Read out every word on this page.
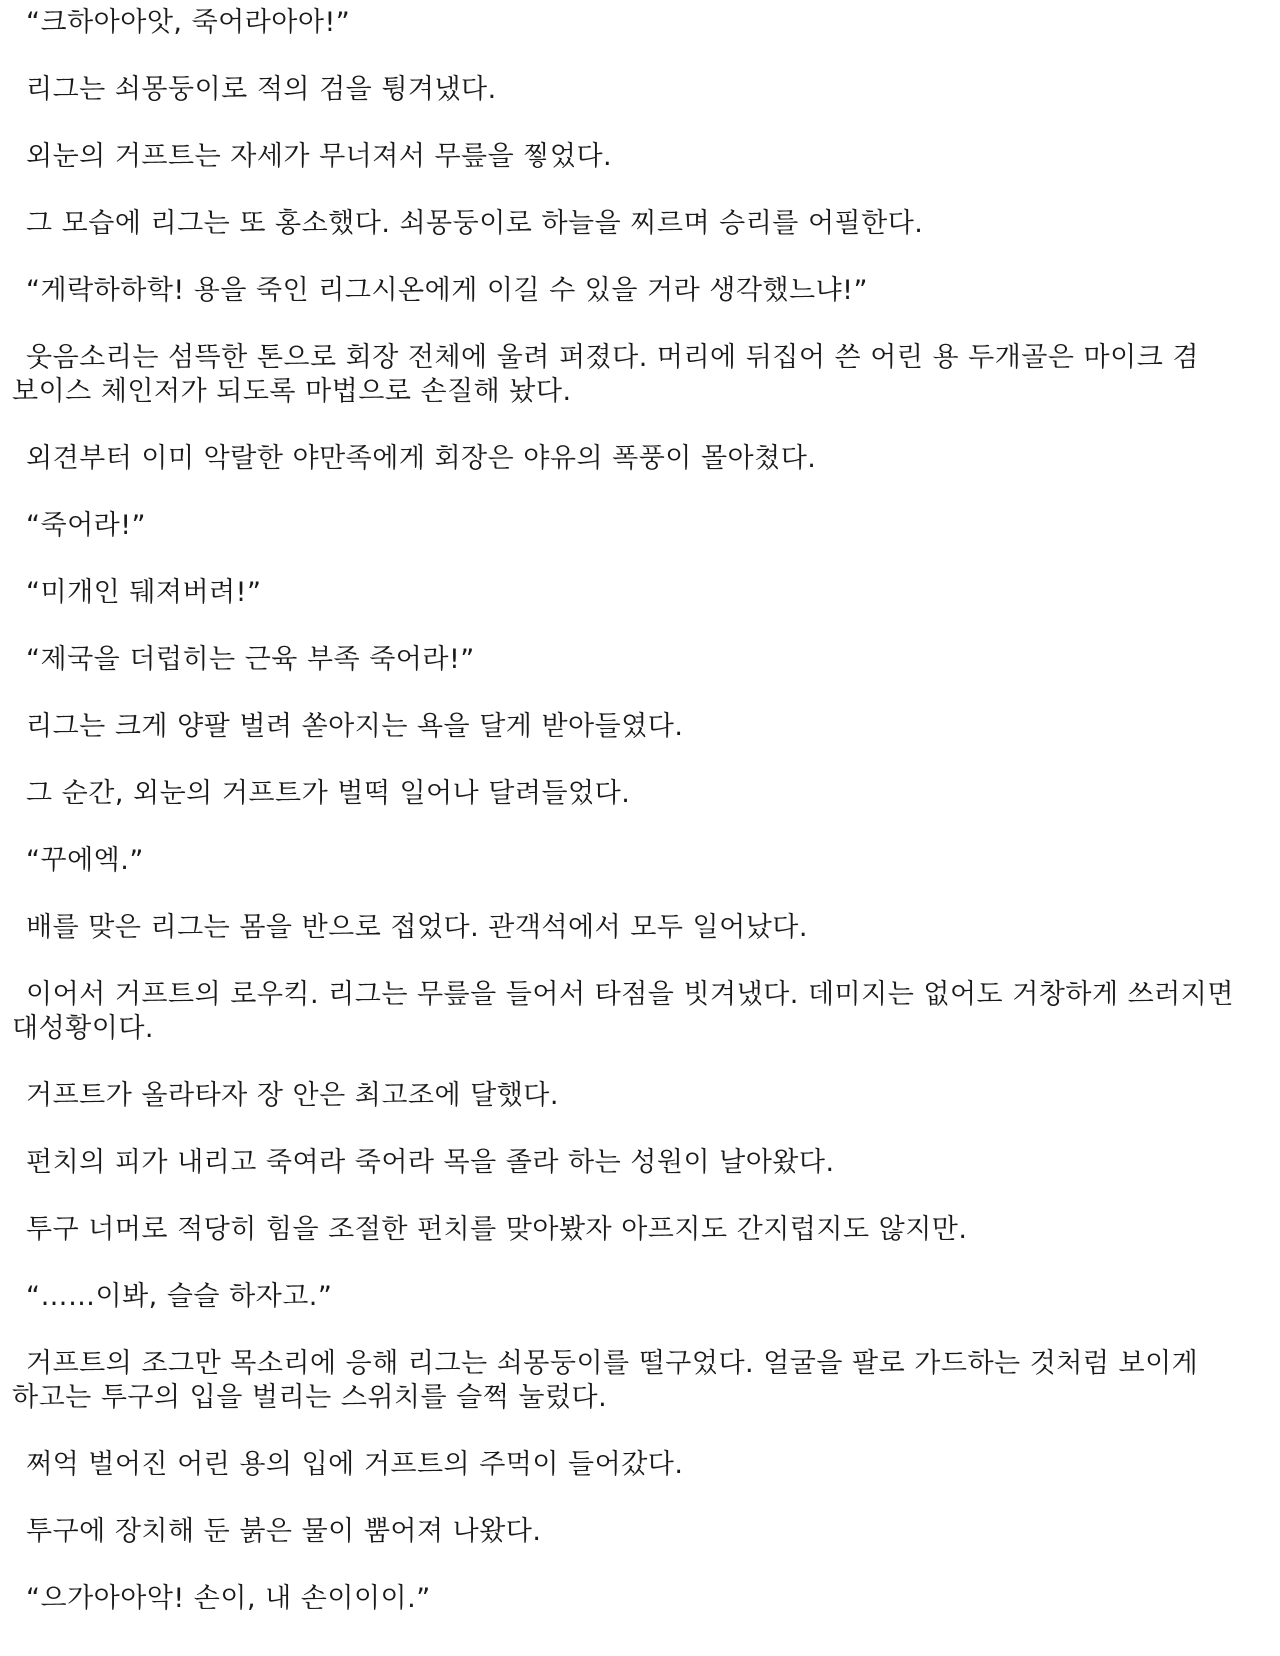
“크하아아앗, 죽어라아아!”

리그는 쇠몽둥이로 적의 검을 튕겨냈다.

외눈의 거프트는 자세가 무너져서 무릎을 찧었다.

그 모습에 리그는 또 홍소했다. 쇠몽둥이로 하늘을 찌르며 승리를 어필한다.

“게락하하학! 용을 죽인 리그시온에게 이길 수 있을 거라 생각했느냐!”

웃음소리는 섬뜩한 톤으로 회장 전체에 울려 퍼졌다. 머리에 뒤집어 쓴 어린 용 두개골은 마이크 겸 보이스 체인저가 되도록 마법으로 손질해 놨다.

외견부터 이미 악랄한 야만족에게 회장은 야유의 폭풍이 몰아쳤다.

“죽어라!”

“미개인 뒈져버려!”

“제국을 더럽히는 근육 부족 죽어라!”

리그는 크게 양팔 벌려 쏟아지는 욕을 달게 받아들였다.

그 순간, 외눈의 거프트가 벌떡 일어나 달려들었다.

“꾸에엑.”

배를 맞은 리그는 몸을 반으로 접었다. 관객석에서 모두 일어났다.

이어서 거프트의 로우킥. 리그는 무릎을 들어서 타점을 빗겨냈다. 데미지는 없어도 거창하게 쓰러지면 대성황이다.

거프트가 올라타자 장 안은 최고조에 달했다.

펀치의 피가 내리고 죽여라 죽어라 목을 졸라 하는 성원이 날아왔다.

투구 너머로 적당히 힘을 조절한 펀치를 맞아봤자 아프지도 간지럽지도 않지만.

“……이봐, 슬슬 하자고.”

거프트의 조그만 목소리에 응해 리그는 쇠몽둥이를 떨구었다. 얼굴을 팔로 가드하는 것처럼 보이게 하고는 투구의 입을 벌리는 스위치를 슬쩍 눌렀다.

쩌억 벌어진 어린 용의 입에 거프트의 주먹이 들어갔다.

투구에 장치해 둔 붉은 물이 뿜어져 나왔다.

“으가아아악! 손이, 내 손이이이.”
